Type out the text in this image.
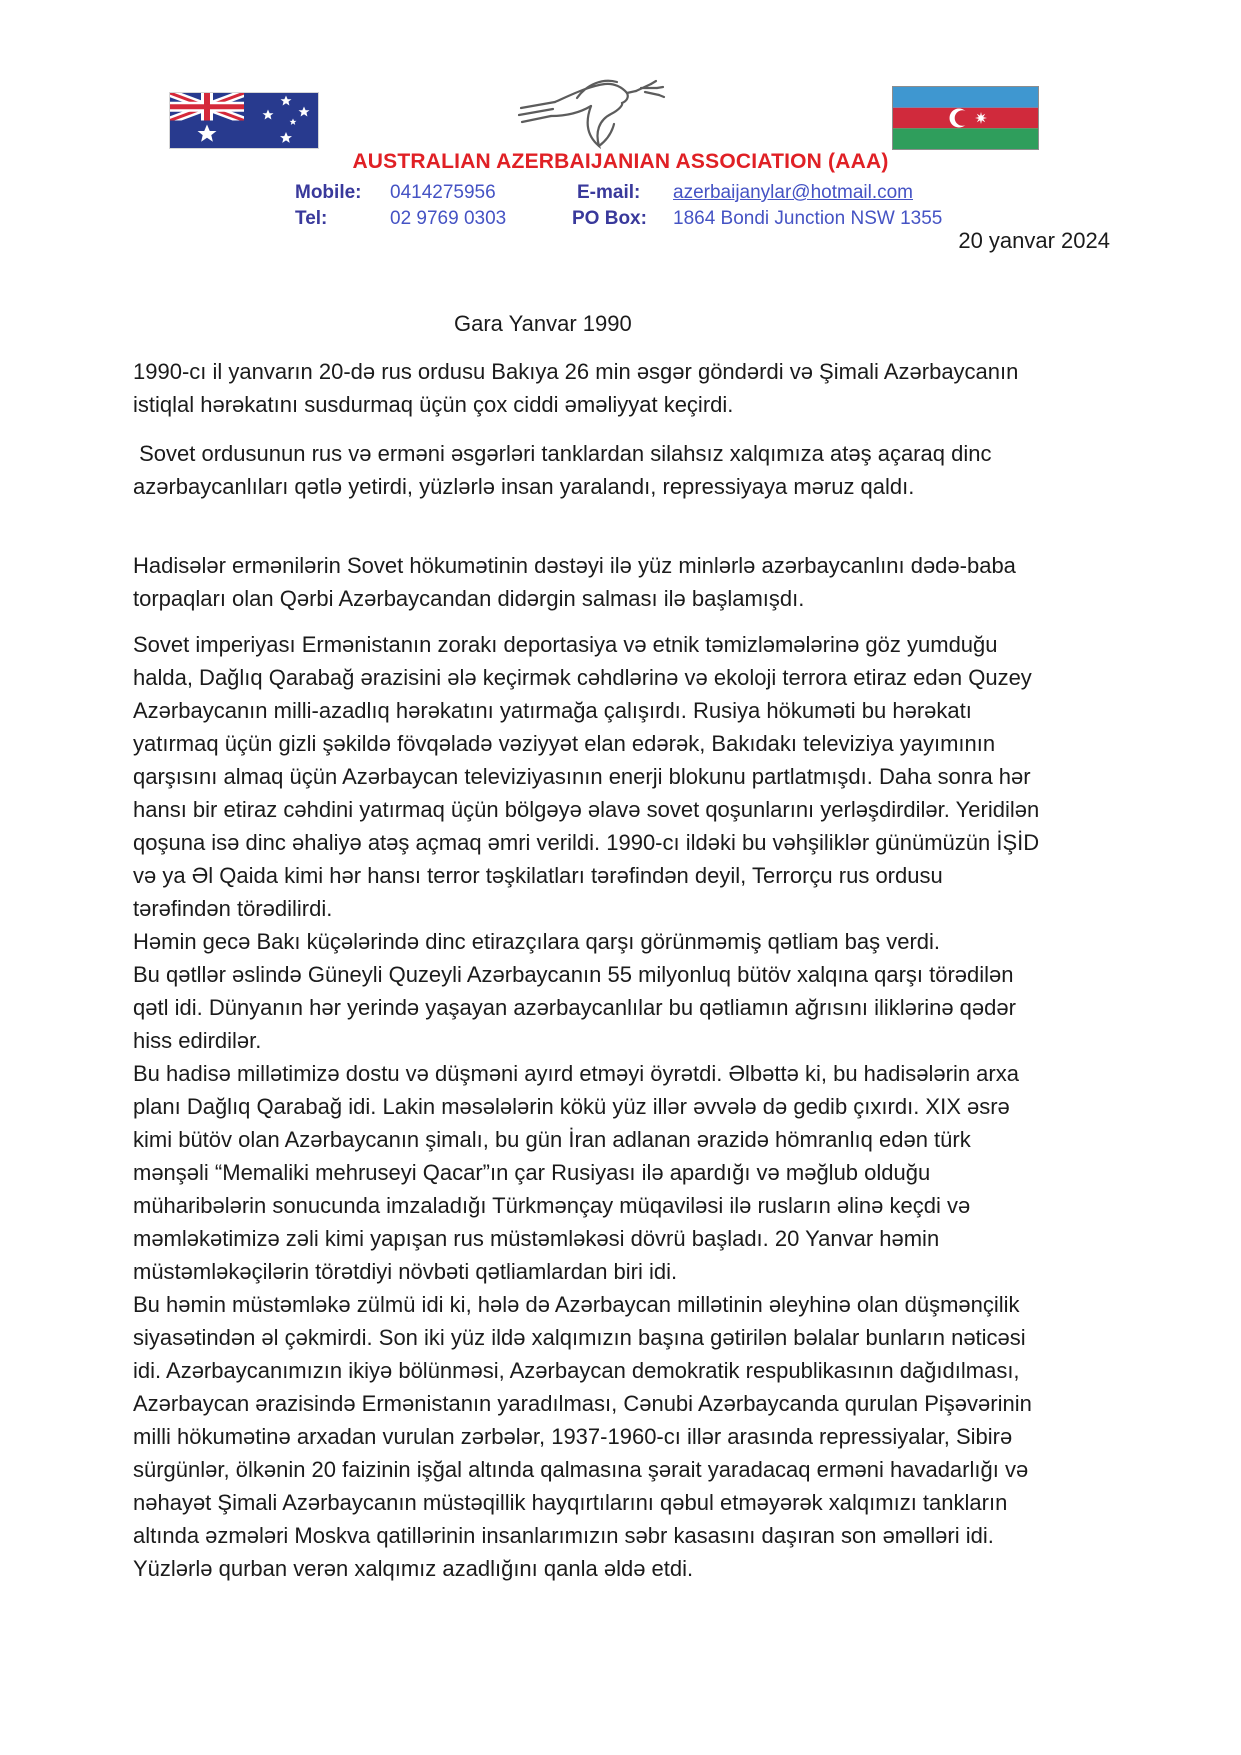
AUSTRALIAN AZERBAIJANIAN ASSOCIATION (AAA)
Mobile: 0414275956
Tel:	02 9769 0303
E-mail: azerbaijanylar@hotmail.com
PO Box: 1864 Bondi Junction NSW 1355
20 yanvar 2024
Gara Yanvar 1990
1990-cı il yanvarın 20-də rus ordusu Bakıya 26 min əsgər göndərdi və Şimali Azərbaycanın
istiqlal hərəkatını susdurmaq üçün çox ciddi əməliyyat keçirdi.
Sovet ordusunun rus və erməni əsgərləri tanklardan silahsız xalqımıza atəş açaraq dinc
azərbaycanlıları qətlə yetirdi, yüzlərlə insan yaralandı, repressiyaya məruz qaldı.
Hadisələr ermənilərin Sovet hökumətinin dəstəyi ilə yüz minlərlə azərbaycanlını dədə-baba
torpaqları olan Qərbi Azərbaycandan didərgin salması ilə başlamışdı.
Sovet imperiyası Ermənistanın zorakı deportasiya və etnik təmizləmələrinə göz yumduğu
halda, Dağlıq Qarabağ ərazisini ələ keçirmək cəhdlərinə və ekoloji terrora etiraz edən Quzey
Azərbaycanın milli-azadlıq hərəkatını yatırmağa çalışırdı. Rusiya hökuməti bu hərəkatı
yatırmaq üçün gizli şəkildə fövqəladə vəziyyət elan edərək, Bakıdakı televiziya yayımının
qarşısını almaq üçün Azərbaycan televiziyasının enerji blokunu partlatmışdı. Daha sonra hər
hansı bir etiraz cəhdini yatırmaq üçün bölgəyə əlavə sovet qoşunlarını yerləşdirdilər. Yeridilən
qoşuna isə dinc əhaliyə atəş açmaq əmri verildi. 1990-cı ildəki bu vəhşiliklər günümüzün İŞİD
və ya Əl Qaida kimi hər hansı terror təşkilatları tərəfindən deyil, Terrorçu rus ordusu
tərəfindən törədilirdi.
Həmin gecə Bakı küçələrində dinc etirazçılara qarşı görünməmiş qətliam baş verdi.
Bu qətllər əslində Güneyli Quzeyli Azərbaycanın 55 milyonluq bütöv xalqına qarşı törədilən
qətl idi. Dünyanın hər yerində yaşayan azərbaycanlılar bu qətliamın ağrısını iliklərinə qədər
hiss edirdilər.
Bu hadisə millətimizə dostu və düşməni ayırd etməyi öyrətdi. Əlbəttə ki, bu hadisələrin arxa
planı Dağlıq Qarabağ idi. Lakin məsələlərin kökü yüz illər əvvələ də gedib çıxırdı. XIX əsrə
kimi bütöv olan Azərbaycanın şimalı, bu gün İran adlanan ərazidə hömranlıq edən türk
mənşəli “Memaliki mehruseyi Qacar”ın çar Rusiyası ilə apardığı və məğlub olduğu
müharibələrin sonucunda imzaladığı Türkmənçay müqaviləsi ilə rusların əlinə keçdi və
məmləkətimizə zəli kimi yapışan rus müstəmləkəsi dövrü başladı. 20 Yanvar həmin
müstəmləkəçilərin törətdiyi növbəti qətliamlardan biri idi.
Bu həmin müstəmləkə zülmü idi ki, hələ də Azərbaycan millətinin əleyhinə olan düşmənçilik
siyasətindən əl çəkmirdi. Son iki yüz ildə xalqımızın başına gətirilən bəlalar bunların nəticəsi
idi. Azərbaycanımızın ikiyə bölünməsi, Azərbaycan demokratik respublikasının dağıdılması,
Azərbaycan ərazisində Ermənistanın yaradılması, Cənubi Azərbaycanda qurulan Pişəvərinin
milli hökumətinə arxadan vurulan zərbələr, 1937-1960-cı illər arasında repressiyalar, Sibirə
sürgünlər, ölkənin 20 faizinin işğal altında qalmasına şərait yaradacaq erməni havadarlığı və
nəhayət Şimali Azərbaycanın müstəqillik hayqırtılarını qəbul etməyərək xalqımızı tankların
altında əzmələri Moskva qatillərinin insanlarımızın səbr kasasını daşıran son əməlləri idi.
Yüzlərlə qurban verən xalqımız azadlığını qanla əldə etdi.
